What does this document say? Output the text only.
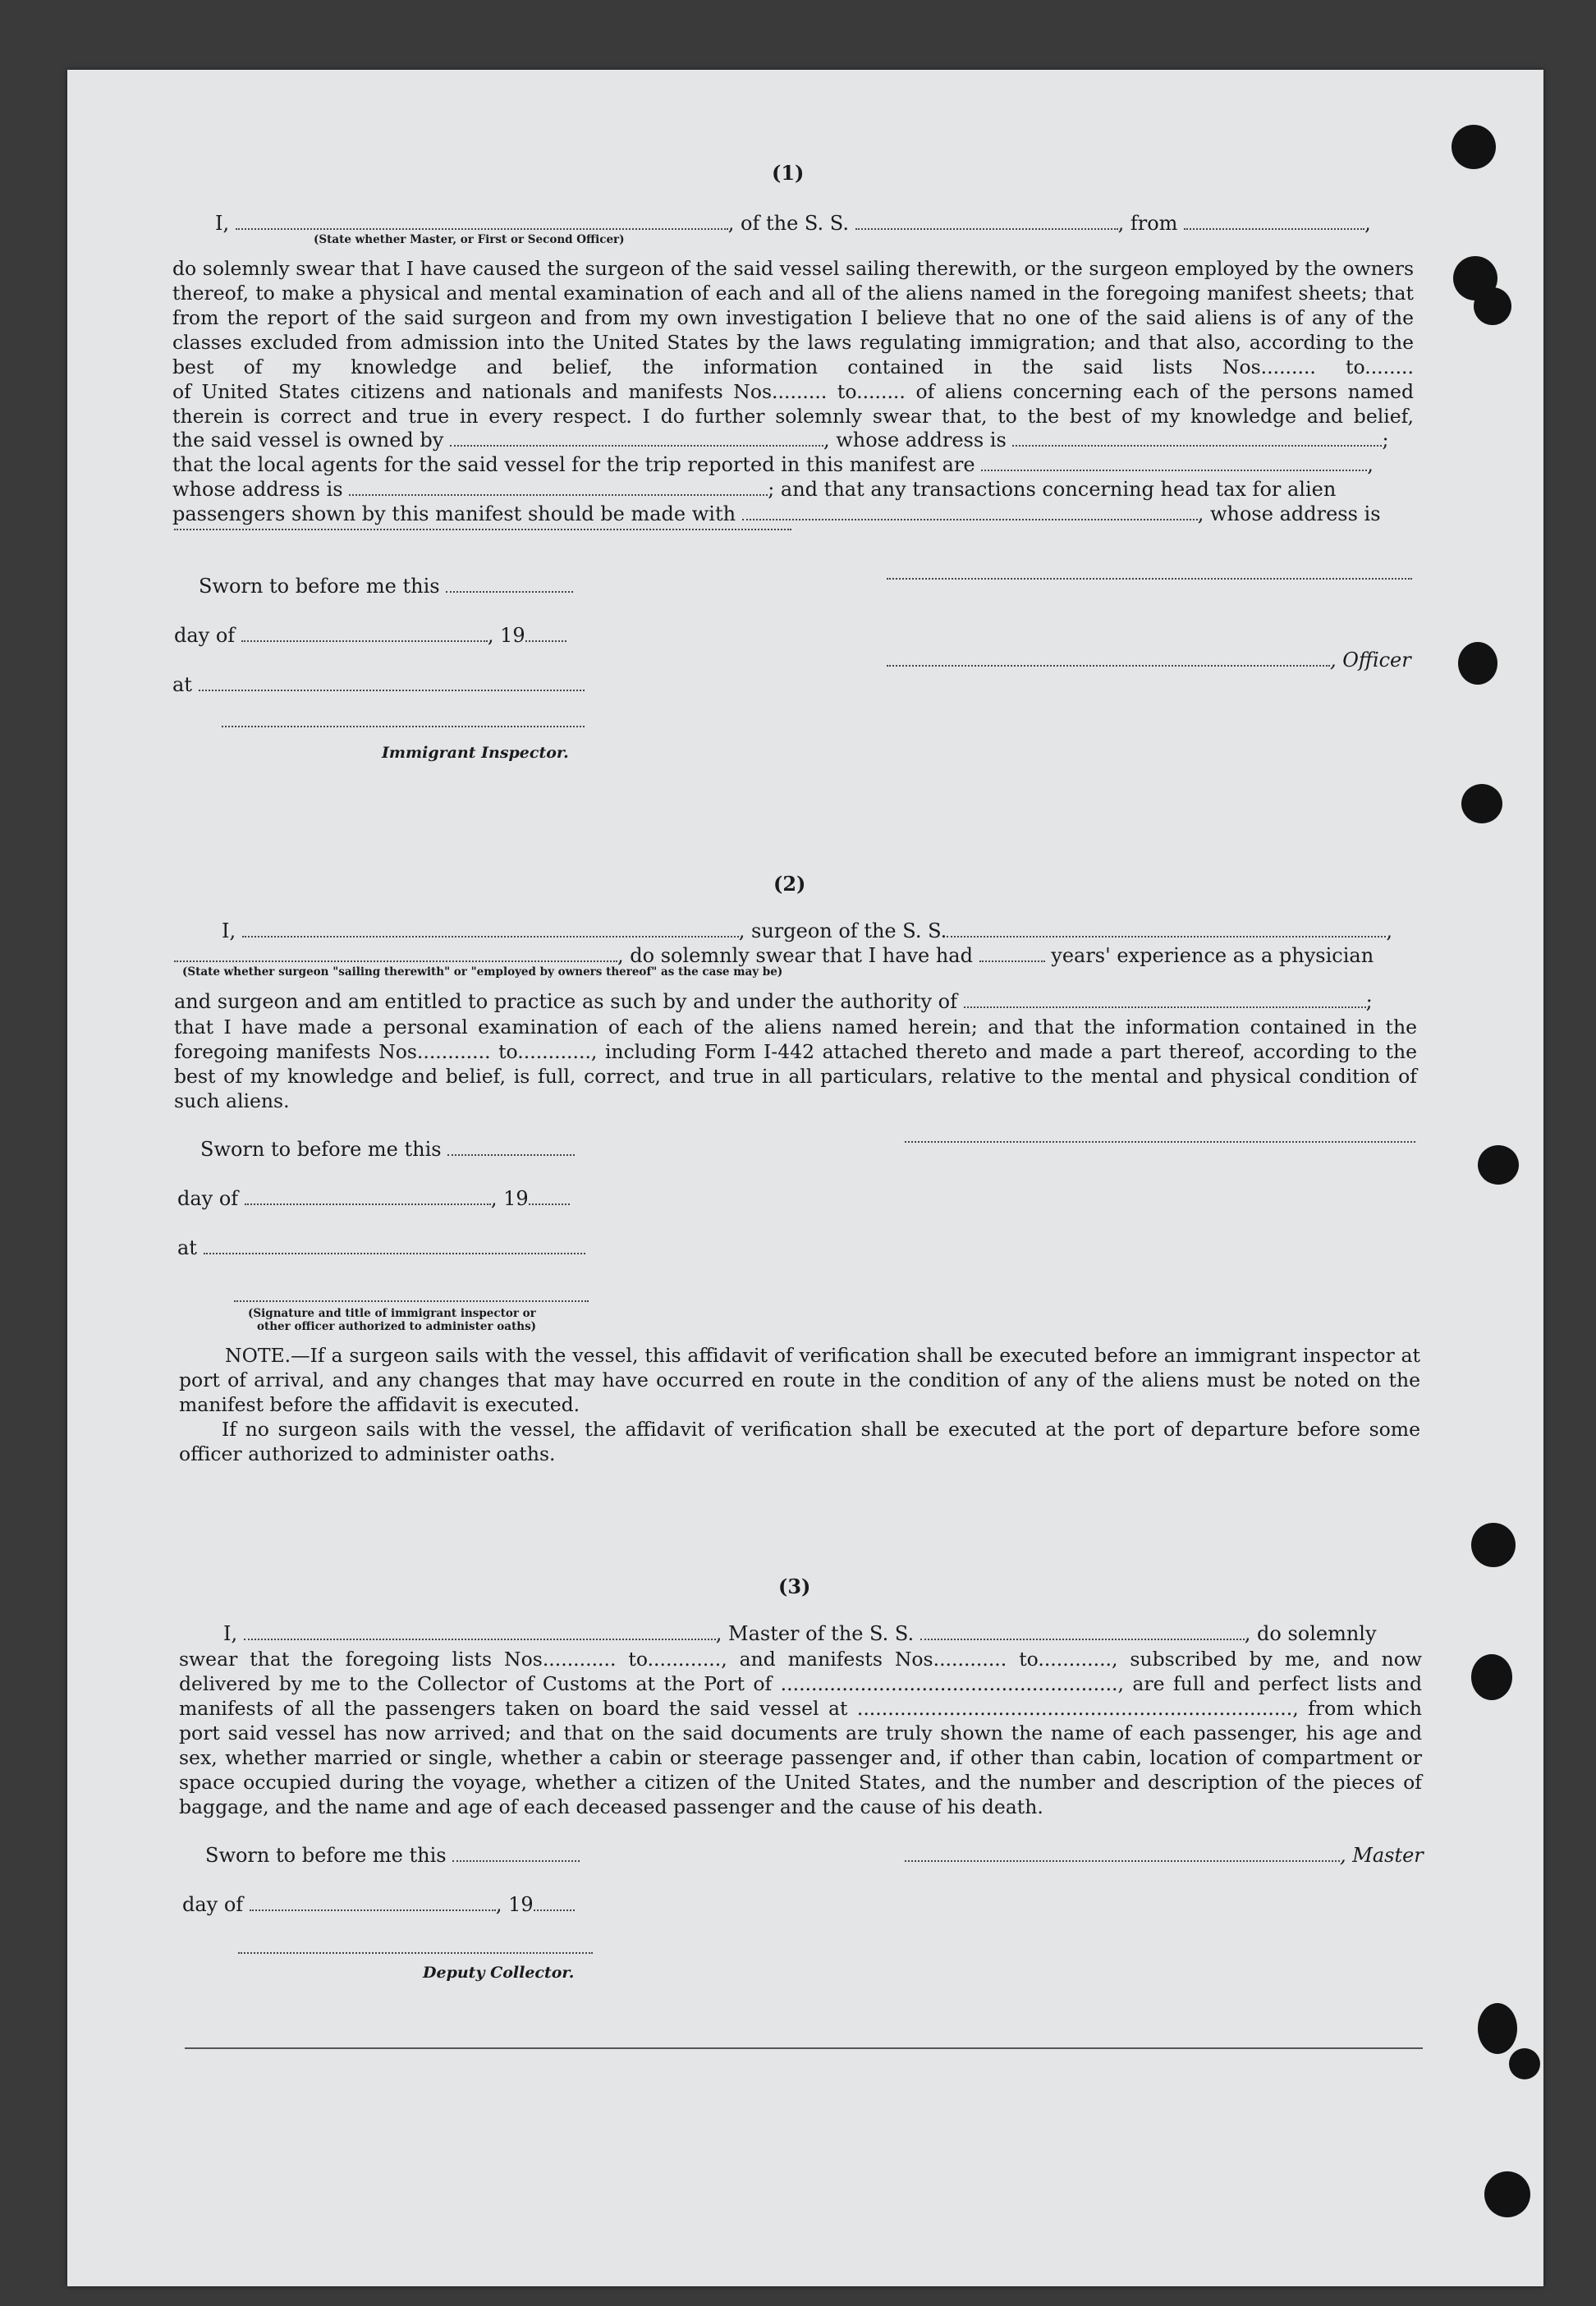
(1)
I,	, of the S. S.	, from	,
(State whether Master, or First or Second Officer)
do solemnly swear that I have caused the surgeon of the said vessel sailing therewith, or the surgeon employed by the owners thereof, to make a physical and mental examination of each and all of the aliens named in the foregoing manifest sheets; that from the report of the said surgeon and from my own investigation I believe that no one of the said aliens is of any of the classes excluded from admission into the United States by the laws regulating immigration; and that also, according to the best of my knowledge and belief, the information contained in the said lists Nos......... to........
of United States citizens and nationals and manifests Nos......... to........ of aliens concerning each of the persons named therein is correct and true in every respect. I do further solemnly swear that, to the best of my knowledge and belief,
the said vessel is owned by	, whose address is	;
that the local agents for the said vessel for the trip reported in this manifest are	,
whose address is	; and that any transactions concerning head tax for alien
passengers shown by this manifest should be made with	, whose address is
Sworn to before me this
day of	, 19
, Officer
at
Immigrant Inspector.
(2)
I,	, surgeon of the S. S.	,
, do solemnly swear that I have had	years' experience as a physician
(State whether surgeon "sailing therewith" or "employed by owners thereof" as the case may be)
and surgeon and am entitled to practice as such by and under the authority of	;
that I have made a personal examination of each of the aliens named herein; and that the information contained in the foregoing manifests Nos............ to............, including Form I-442 attached thereto and made a part thereof, according to the best of my knowledge and belief, is full, correct, and true in all particulars, relative to the mental and physical condition of such aliens.
Sworn to before me this
day of	, 19
at
(Signature and title of immigrant inspector or
other officer authorized to administer oaths)
NOTE.—If a surgeon sails with the vessel, this affidavit of verification shall be executed before an immigrant inspector at port of arrival, and any changes that may have occurred en route in the condition of any of the aliens must be noted on the manifest before the affidavit is executed.
If no surgeon sails with the vessel, the affidavit of verification shall be executed at the port of departure before some officer authorized to administer oaths.
(3)
I,	, Master of the S. S.	, do solemnly
swear that the foregoing lists Nos............ to............, and manifests Nos............ to............, subscribed by me, and now delivered by me to the Collector of Customs at the Port of ......................................................., are full and perfect lists and manifests of all the passengers taken on board the said vessel at ......................................................................., from which port said vessel has now arrived; and that on the said documents are truly shown the name of each passenger, his age and sex, whether married or single, whether a cabin or steerage passenger and, if other than cabin, location of compartment or space occupied during the voyage, whether a citizen of the United States, and the number and description of the pieces of baggage, and the name and age of each deceased passenger and the cause of his death.
Sworn to before me this	, Master
day of	, 19
Deputy Collector.
